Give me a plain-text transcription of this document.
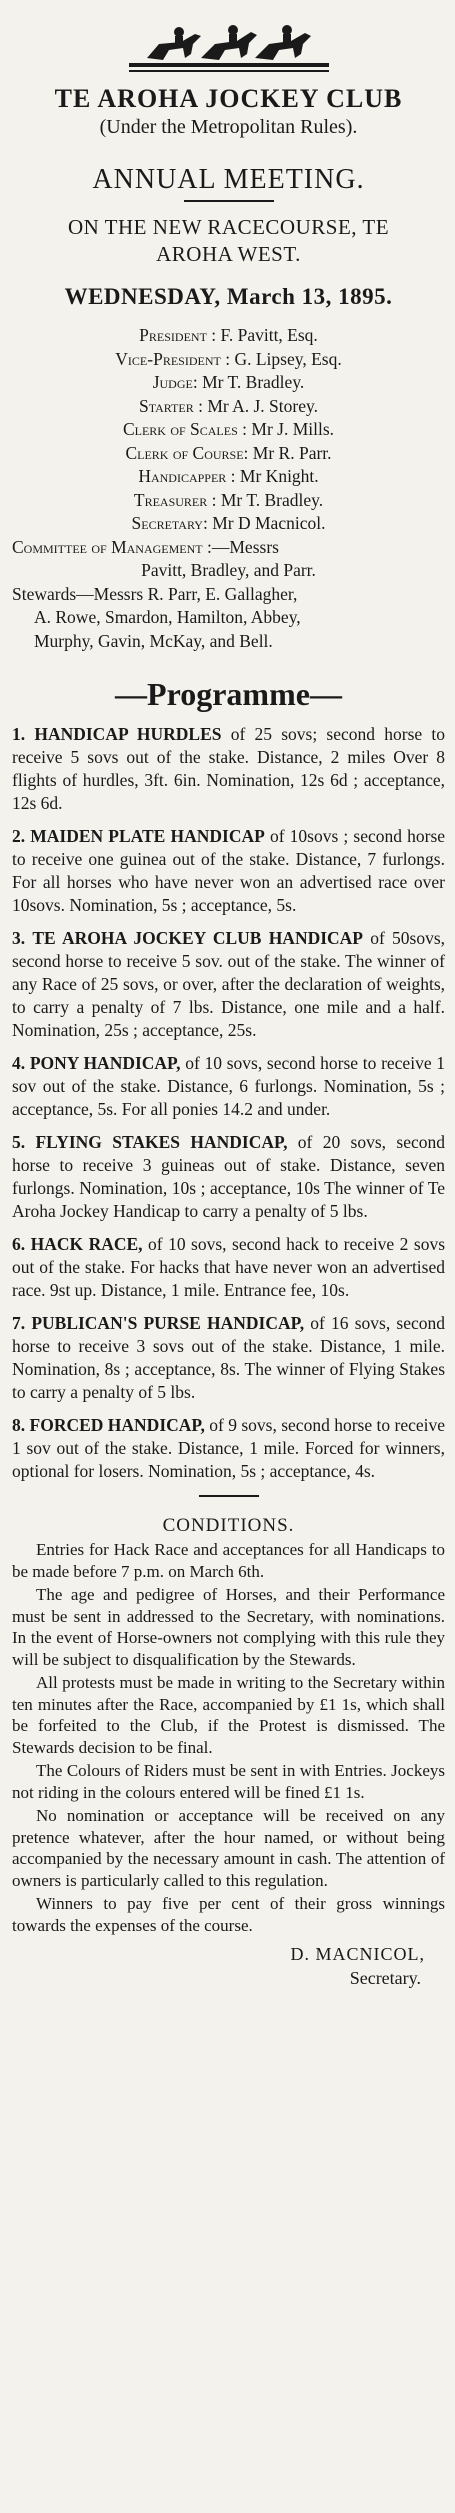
TE AROHA JOCKEY CLUB
(Under the Metropolitan Rules).
ANNUAL MEETING.
ON THE NEW RACECOURSE, TE
AROHA WEST.
WEDNESDAY, March 13, 1895.
President : F. Pavitt, Esq.
Vice-President : G. Lipsey, Esq.
Judge: Mr T. Bradley.
Starter : Mr A. J. Storey.
Clerk of Scales : Mr J. Mills.
Clerk of Course: Mr R. Parr.
Handicapper : Mr Knight.
Treasurer : Mr T. Bradley.
Secretary: Mr D Macnicol.
Committee of Management :—Messrs
Pavitt, Bradley, and Parr.
Stewards—Messrs R. Parr, E. Gallagher,
A. Rowe, Smardon, Hamilton, Abbey,
Murphy, Gavin, McKay, and Bell.
—Programme—
1. HANDICAP HURDLES of 25 sovs; second horse to receive 5 sovs out of the stake. Distance, 2 miles Over 8 flights of hurdles, 3ft. 6in. Nomination, 12s 6d ; acceptance, 12s 6d.
2. MAIDEN PLATE HANDICAP of 10sovs ; second horse to receive one guinea out of the stake. Distance, 7 furlongs. For all horses who have never won an advertised race over 10sovs. Nomination, 5s ; acceptance, 5s.
3. TE AROHA JOCKEY CLUB HANDICAP of 50sovs, second horse to receive 5 sov. out of the stake. The winner of any Race of 25 sovs, or over, after the declaration of weights, to carry a penalty of 7 lbs. Distance, one mile and a half. Nomination, 25s ; acceptance, 25s.
4. PONY HANDICAP, of 10 sovs, second horse to receive 1 sov out of the stake. Distance, 6 furlongs. Nomination, 5s ; acceptance, 5s. For all ponies 14.2 and under.
5. FLYING STAKES HANDICAP, of 20 sovs, second horse to receive 3 guineas out of stake. Distance, seven furlongs. Nomination, 10s ; acceptance, 10s The winner of Te Aroha Jockey Handicap to carry a penalty of 5 lbs.
6. HACK RACE, of 10 sovs, second hack to receive 2 sovs out of the stake. For hacks that have never won an advertised race. 9st up. Distance, 1 mile. Entrance fee, 10s.
7. PUBLICAN'S PURSE HANDICAP, of 16 sovs, second horse to receive 3 sovs out of the stake. Distance, 1 mile. Nomination, 8s ; acceptance, 8s. The winner of Flying Stakes to carry a penalty of 5 lbs.
8. FORCED HANDICAP, of 9 sovs, second horse to receive 1 sov out of the stake. Distance, 1 mile. Forced for winners, optional for losers. Nomination, 5s ; acceptance, 4s.
CONDITIONS.

Entries for Hack Race and acceptances for all Handicaps to be made before 7 p.m. on March 6th.

The age and pedigree of Horses, and their Performance must be sent in addressed to the Secretary, with nominations. In the event of Horse-owners not complying with this rule they will be subject to disqualification by the Stewards.

All protests must be made in writing to the Secretary within ten minutes after the Race, accompanied by £1 1s, which shall be forfeited to the Club, if the Protest is dismissed. The Stewards decision to be final.

The Colours of Riders must be sent in with Entries. Jockeys not riding in the colours entered will be fined £1 1s.

No nomination or acceptance will be received on any pretence whatever, after the hour named, or without being accompanied by the necessary amount in cash. The attention of owners is particularly called to this regulation.

Winners to pay five per cent of their gross winnings towards the expenses of the course.

D. MACNICOL,
Secretary.
